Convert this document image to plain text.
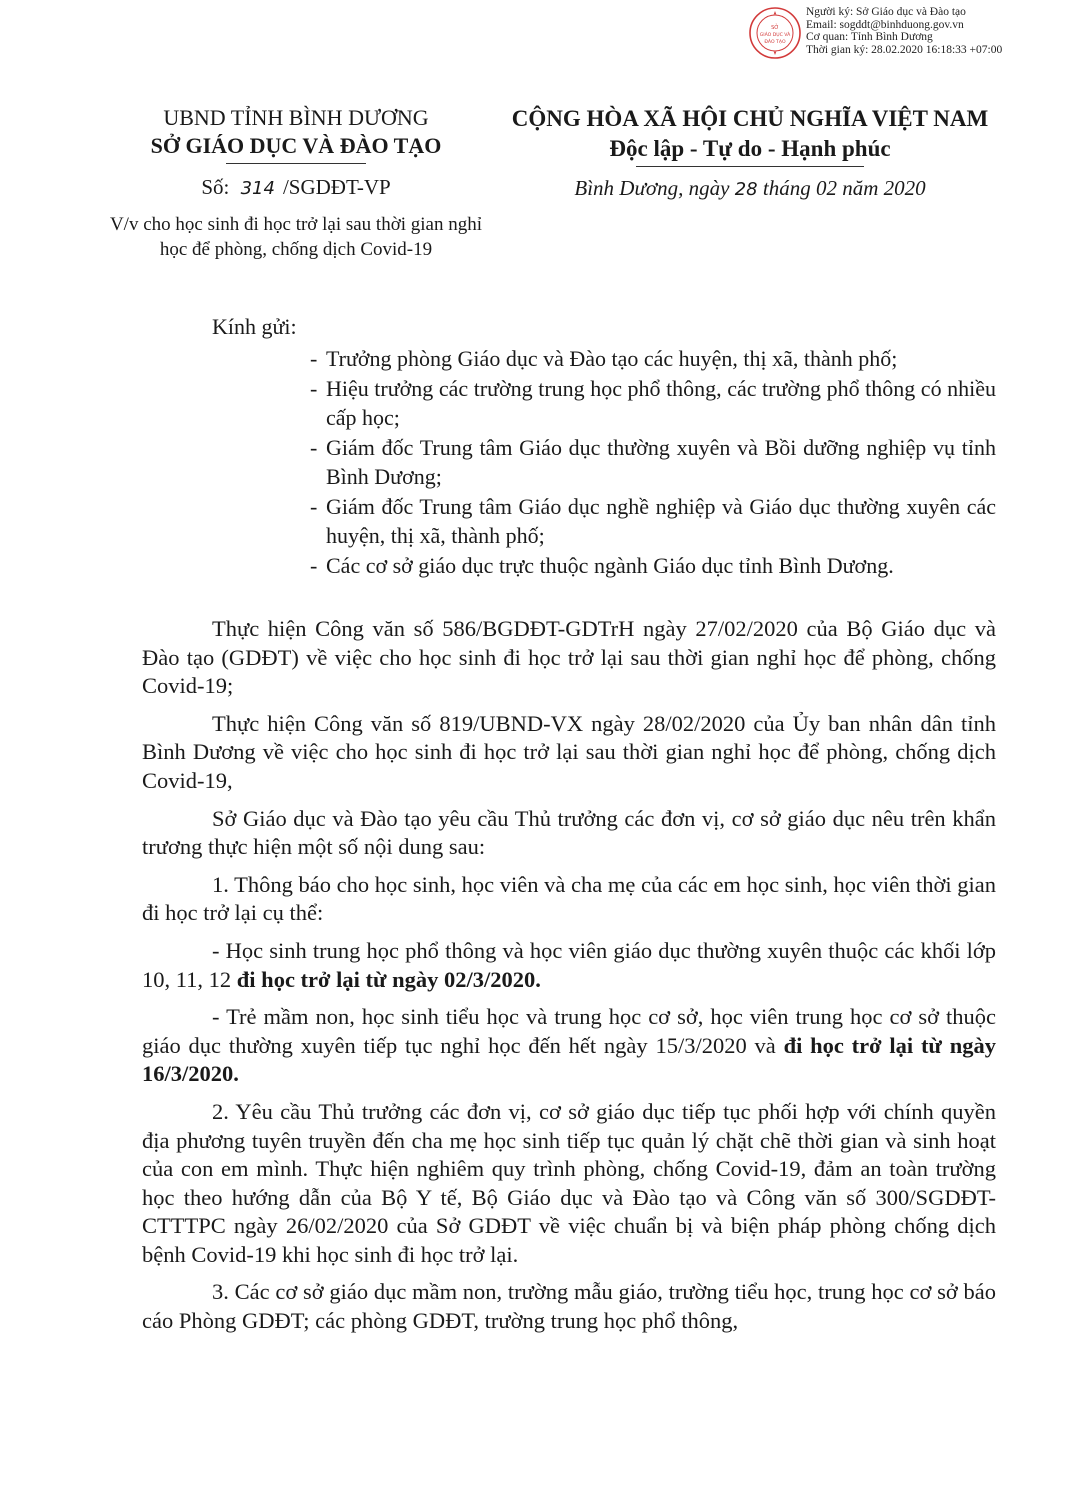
SỞ
GIÁO DỤC VÀ
ĐÀO TẠO
Người ký: Sở Giáo dục và Đào tạo
Email: sogddt@binhduong.gov.vn
Cơ quan: Tỉnh Bình Dương
Thời gian ký: 28.02.2020 16:18:33 +07:00
UBND TỈNH BÌNH DƯƠNG
SỞ GIÁO DỤC VÀ ĐÀO TẠO
Số: 314 /SGDĐT-VP
V/v cho học sinh đi học trở lại sau thời gian nghỉ học để phòng, chống dịch Covid-19
CỘNG HÒA XÃ HỘI CHỦ NGHĨA VIỆT NAM
Độc lập - Tự do - Hạnh phúc
Bình Dương, ngày 28 tháng 02 năm 2020
Kính gửi:
- Trưởng phòng Giáo dục và Đào tạo các huyện, thị xã, thành phố;
- Hiệu trưởng các trường trung học phổ thông, các trường phổ thông có nhiều cấp học;
- Giám đốc Trung tâm Giáo dục thường xuyên và Bồi dưỡng nghiệp vụ tỉnh Bình Dương;
- Giám đốc Trung tâm Giáo dục nghề nghiệp và Giáo dục thường xuyên các huyện, thị xã, thành phố;
- Các cơ sở giáo dục trực thuộc ngành Giáo dục tỉnh Bình Dương.

Thực hiện Công văn số 586/BGDĐT-GDTrH ngày 27/02/2020 của Bộ Giáo dục và Đào tạo (GDĐT) về việc cho học sinh đi học trở lại sau thời gian nghỉ học để phòng, chống Covid-19;

Thực hiện Công văn số 819/UBND-VX ngày 28/02/2020 của Ủy ban nhân dân tỉnh Bình Dương về việc cho học sinh đi học trở lại sau thời gian nghỉ học để phòng, chống dịch Covid-19,

Sở Giáo dục và Đào tạo yêu cầu Thủ trưởng các đơn vị, cơ sở giáo dục nêu trên khẩn trương thực hiện một số nội dung sau:

1. Thông báo cho học sinh, học viên và cha mẹ của các em học sinh, học viên thời gian đi học trở lại cụ thể:

- Học sinh trung học phổ thông và học viên giáo dục thường xuyên thuộc các khối lớp 10, 11, 12 đi học trở lại từ ngày 02/3/2020.

- Trẻ mầm non, học sinh tiểu học và trung học cơ sở, học viên trung học cơ sở thuộc giáo dục thường xuyên tiếp tục nghỉ học đến hết ngày 15/3/2020 và đi học trở lại từ ngày 16/3/2020.

2. Yêu cầu Thủ trưởng các đơn vị, cơ sở giáo dục tiếp tục phối hợp với chính quyền địa phương tuyên truyền đến cha mẹ học sinh tiếp tục quản lý chặt chẽ thời gian và sinh hoạt của con em mình. Thực hiện nghiêm quy trình phòng, chống Covid-19, đảm an toàn trường học theo hướng dẫn của Bộ Y tế, Bộ Giáo dục và Đào tạo và Công văn số 300/SGDĐT-CTTTPC ngày 26/02/2020 của Sở GDĐT về việc chuẩn bị và biện pháp phòng chống dịch bệnh Covid-19 khi học sinh đi học trở lại.

3. Các cơ sở giáo dục mầm non, trường mẫu giáo, trường tiểu học, trung học cơ sở báo cáo Phòng GDĐT; các phòng GDĐT, trường trung học phổ thông,
